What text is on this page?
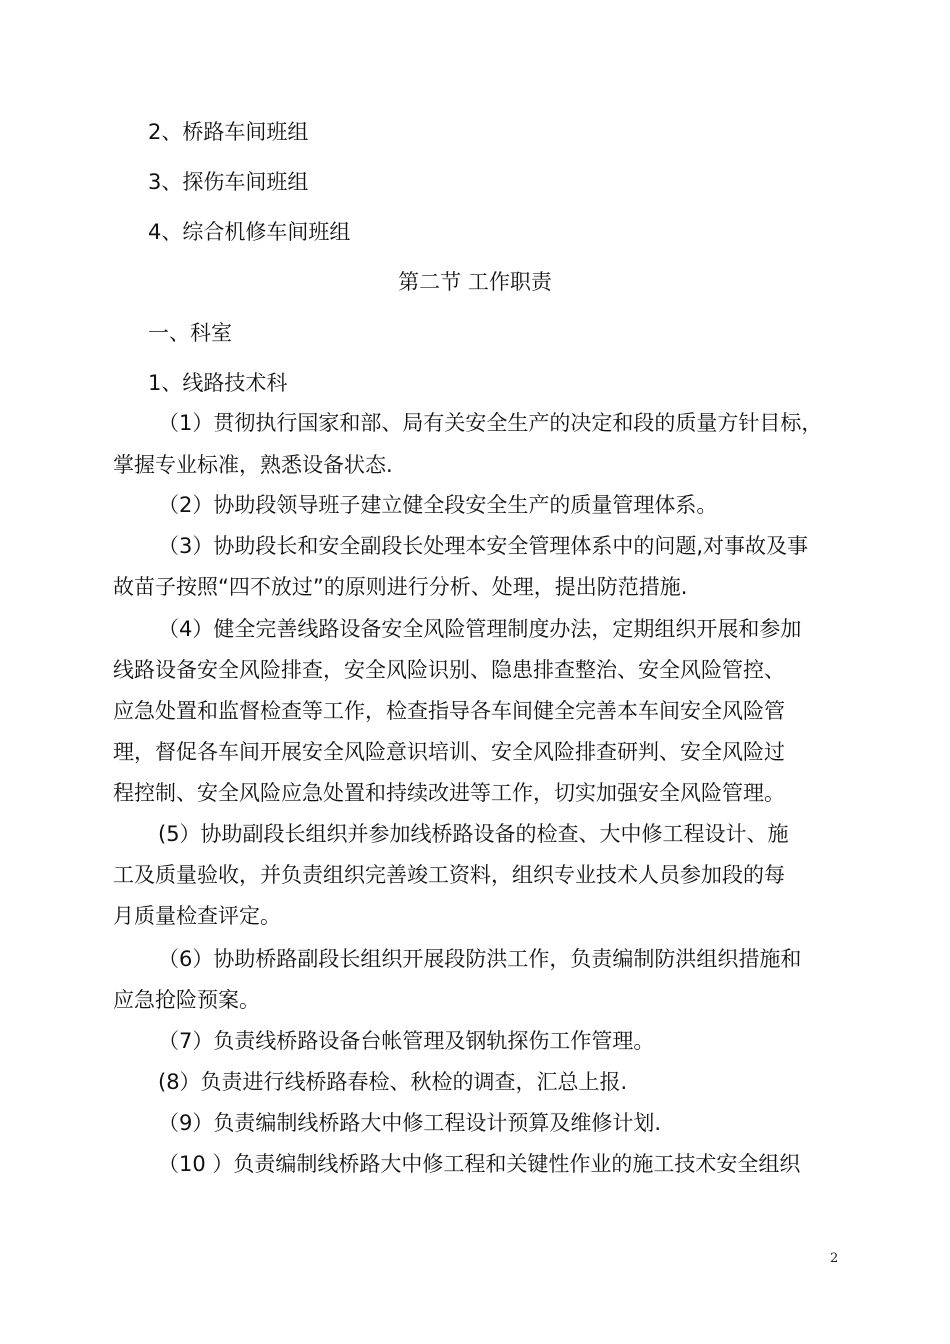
2、桥路车间班组
3、探伤车间班组
4、综合机修车间班组
第二节 工作职责
一、科室
1、线路技术科
（1）贯彻执行国家和部、局有关安全生产的决定和段的质量方针目标，
掌握专业标准，熟悉设备状态.
（2）协助段领导班子建立健全段安全生产的质量管理体系。
（3）协助段长和安全副段长处理本安全管理体系中的问题,对事故及事
故苗子按照“四不放过”的原则进行分析、处理，提出防范措施.
（4）健全完善线路设备安全风险管理制度办法，定期组织开展和参加
线路设备安全风险排查，安全风险识别、隐患排查整治、安全风险管控、
应急处置和监督检查等工作，检查指导各车间健全完善本车间安全风险管
理，督促各车间开展安全风险意识培训、安全风险排查研判、安全风险过
程控制、安全风险应急处置和持续改进等工作，切实加强安全风险管理。
(5）协助副段长组织并参加线桥路设备的检查、大中修工程设计、施
工及质量验收，并负责组织完善竣工资料，组织专业技术人员参加段的每
月质量检查评定。
（6）协助桥路副段长组织开展段防洪工作，负责编制防洪组织措施和
应急抢险预案。
（7）负责线桥路设备台帐管理及钢轨探伤工作管理。
(8）负责进行线桥路春检、秋检的调查，汇总上报.
（9）负责编制线桥路大中修工程设计预算及维修计划.
（10 ）负责编制线桥路大中修工程和关键性作业的施工技术安全组织
2
